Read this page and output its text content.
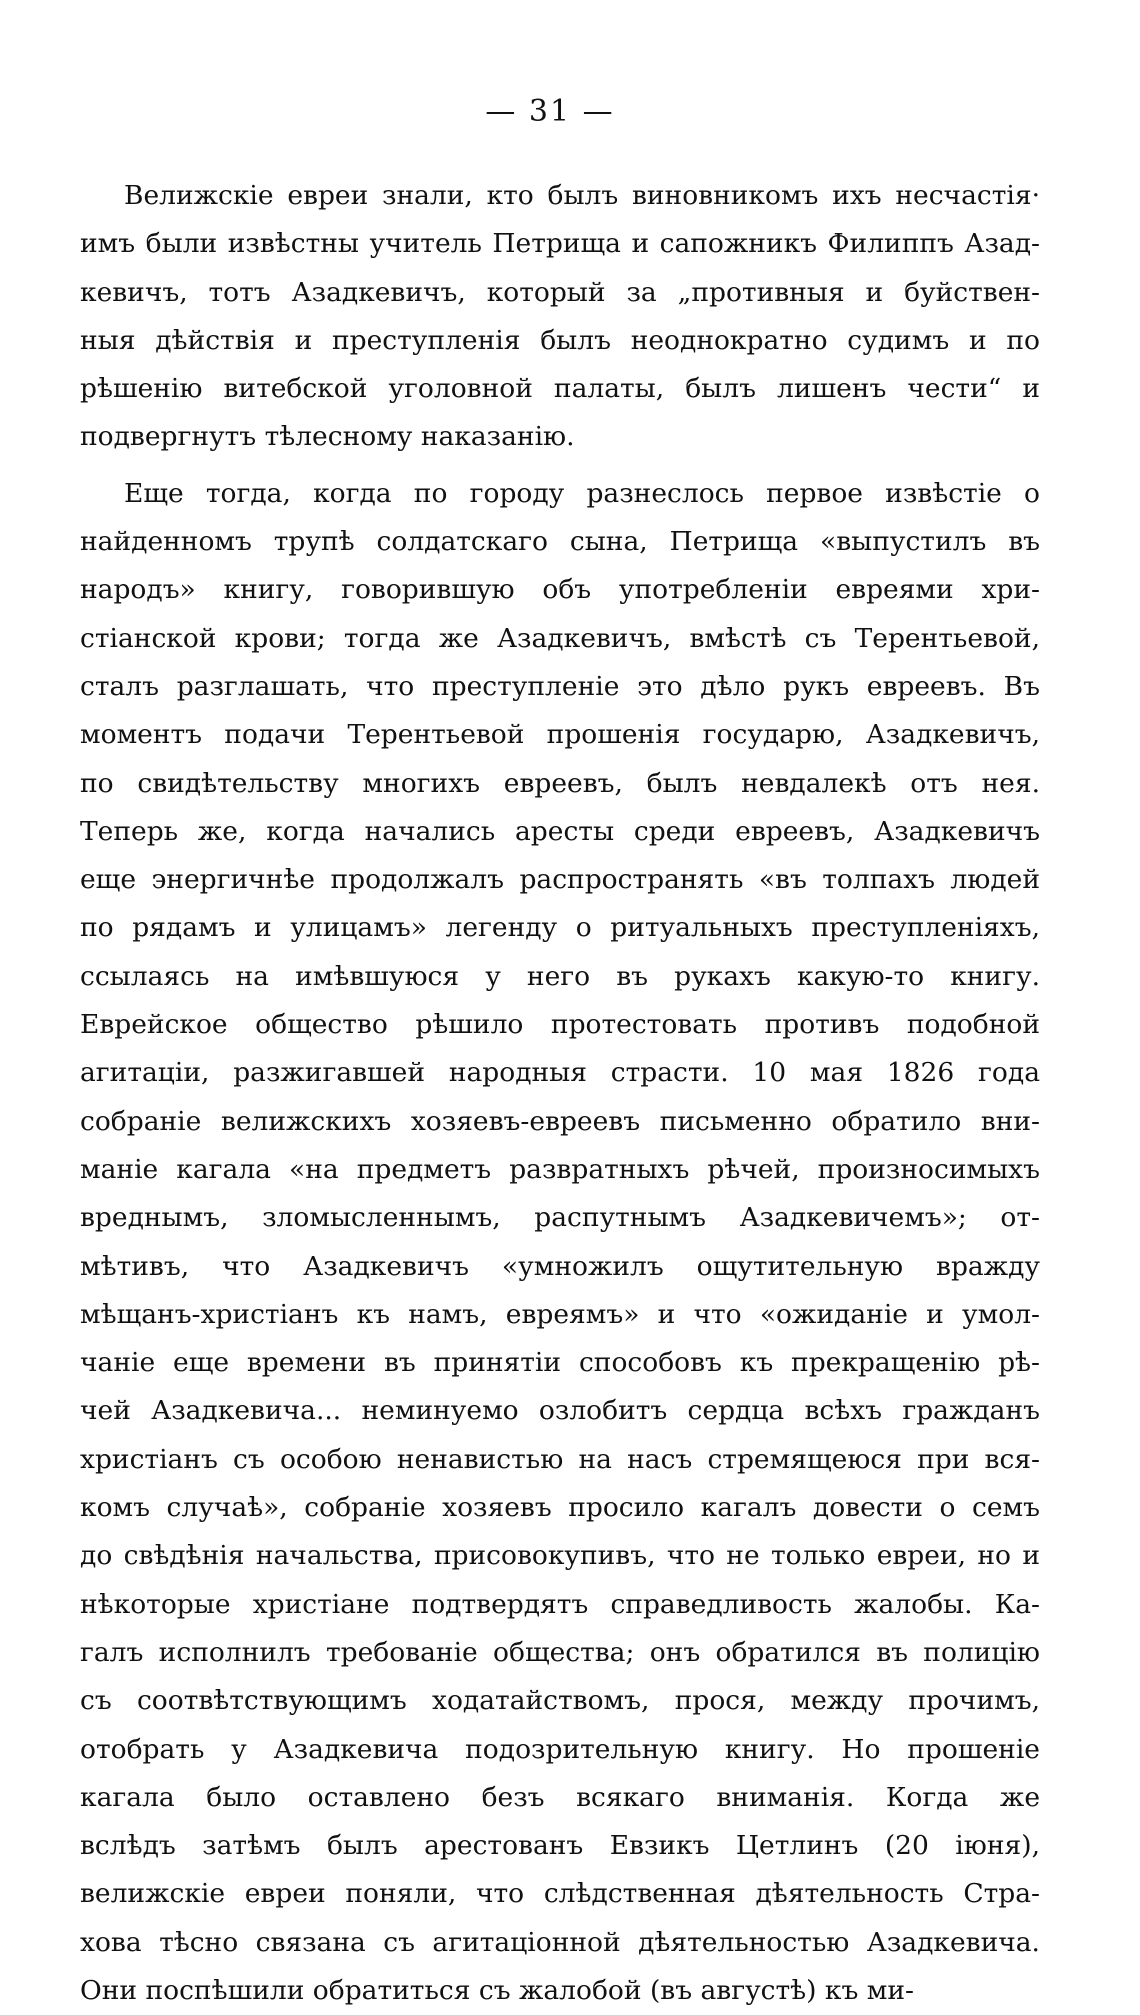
— 31 —
Велижскіе евреи знали, кто былъ виновникомъ ихъ несчастія·
имъ были извѣстны учитель Петрища и сапожникъ Филиппъ Азад-
кевичъ, тотъ Азадкевичъ, который за „противныя и буйствен-
ныя дѣйствія и преступленія былъ неоднократно судимъ и по
рѣшенію витебской уголовной палаты, былъ лишенъ чести“ и
подвергнутъ тѣлесному наказанію.
Еще тогда, когда по городу разнеслось первое извѣстіе о
найденномъ трупѣ солдатскаго сына, Петрища «выпустилъ въ
народъ» книгу, говорившую объ употребленіи евреями хри-
стіанской крови; тогда же Азадкевичъ, вмѣстѣ съ Терентьевой,
сталъ разглашать, что преступленіе это дѣло рукъ евреевъ. Въ
моментъ подачи Терентьевой прошенія государю, Азадкевичъ,
по свидѣтельству многихъ евреевъ, былъ невдалекѣ отъ нея.
Теперь же, когда начались аресты среди евреевъ, Азадкевичъ
еще энергичнѣе продолжалъ распространять «въ толпахъ людей
по рядамъ и улицамъ» легенду о ритуальныхъ преступленіяхъ,
ссылаясь на имѣвшуюся у него въ рукахъ какую-то книгу.
Еврейское общество рѣшило протестовать противъ подобной
агитаціи, разжигавшей народныя страсти. 10 мая 1826 года
собраніе велижскихъ хозяевъ-евреевъ письменно обратило вни-
маніе кагала «на предметъ развратныхъ рѣчей, произносимыхъ
вреднымъ, зломысленнымъ, распутнымъ Азадкевичемъ»; от-
мѣтивъ, что Азадкевичъ «умножилъ ощутительную вражду
мѣщанъ-христіанъ къ намъ, евреямъ» и что «ожиданіе и умол-
чаніе еще времени въ принятіи способовъ къ прекращенію рѣ-
чей Азадкевича... неминуемо озлобитъ сердца всѣхъ гражданъ
христіанъ съ особою ненавистью на насъ стремящеюся при вся-
комъ случаѣ», собраніе хозяевъ просило кагалъ довести о семъ
до свѣдѣнія начальства, присовокупивъ, что не только евреи, но и
нѣкоторые христіане подтвердятъ справедливость жалобы. Ка-
галъ исполнилъ требованіе общества; онъ обратился въ полицію
съ соотвѣтствующимъ ходатайствомъ, прося, между прочимъ,
отобрать у Азадкевича подозрительную книгу. Но прошеніе
кагала было оставлено безъ всякаго вниманія. Когда же
вслѣдъ затѣмъ былъ арестованъ Евзикъ Цетлинъ (20 іюня),
велижскіе евреи поняли, что слѣдственная дѣятельность Стра-
хова тѣсно связана съ агитаціонной дѣятельностью Азадкевича.
Они поспѣшили обратиться съ жалобой (въ августѣ) къ ми-
